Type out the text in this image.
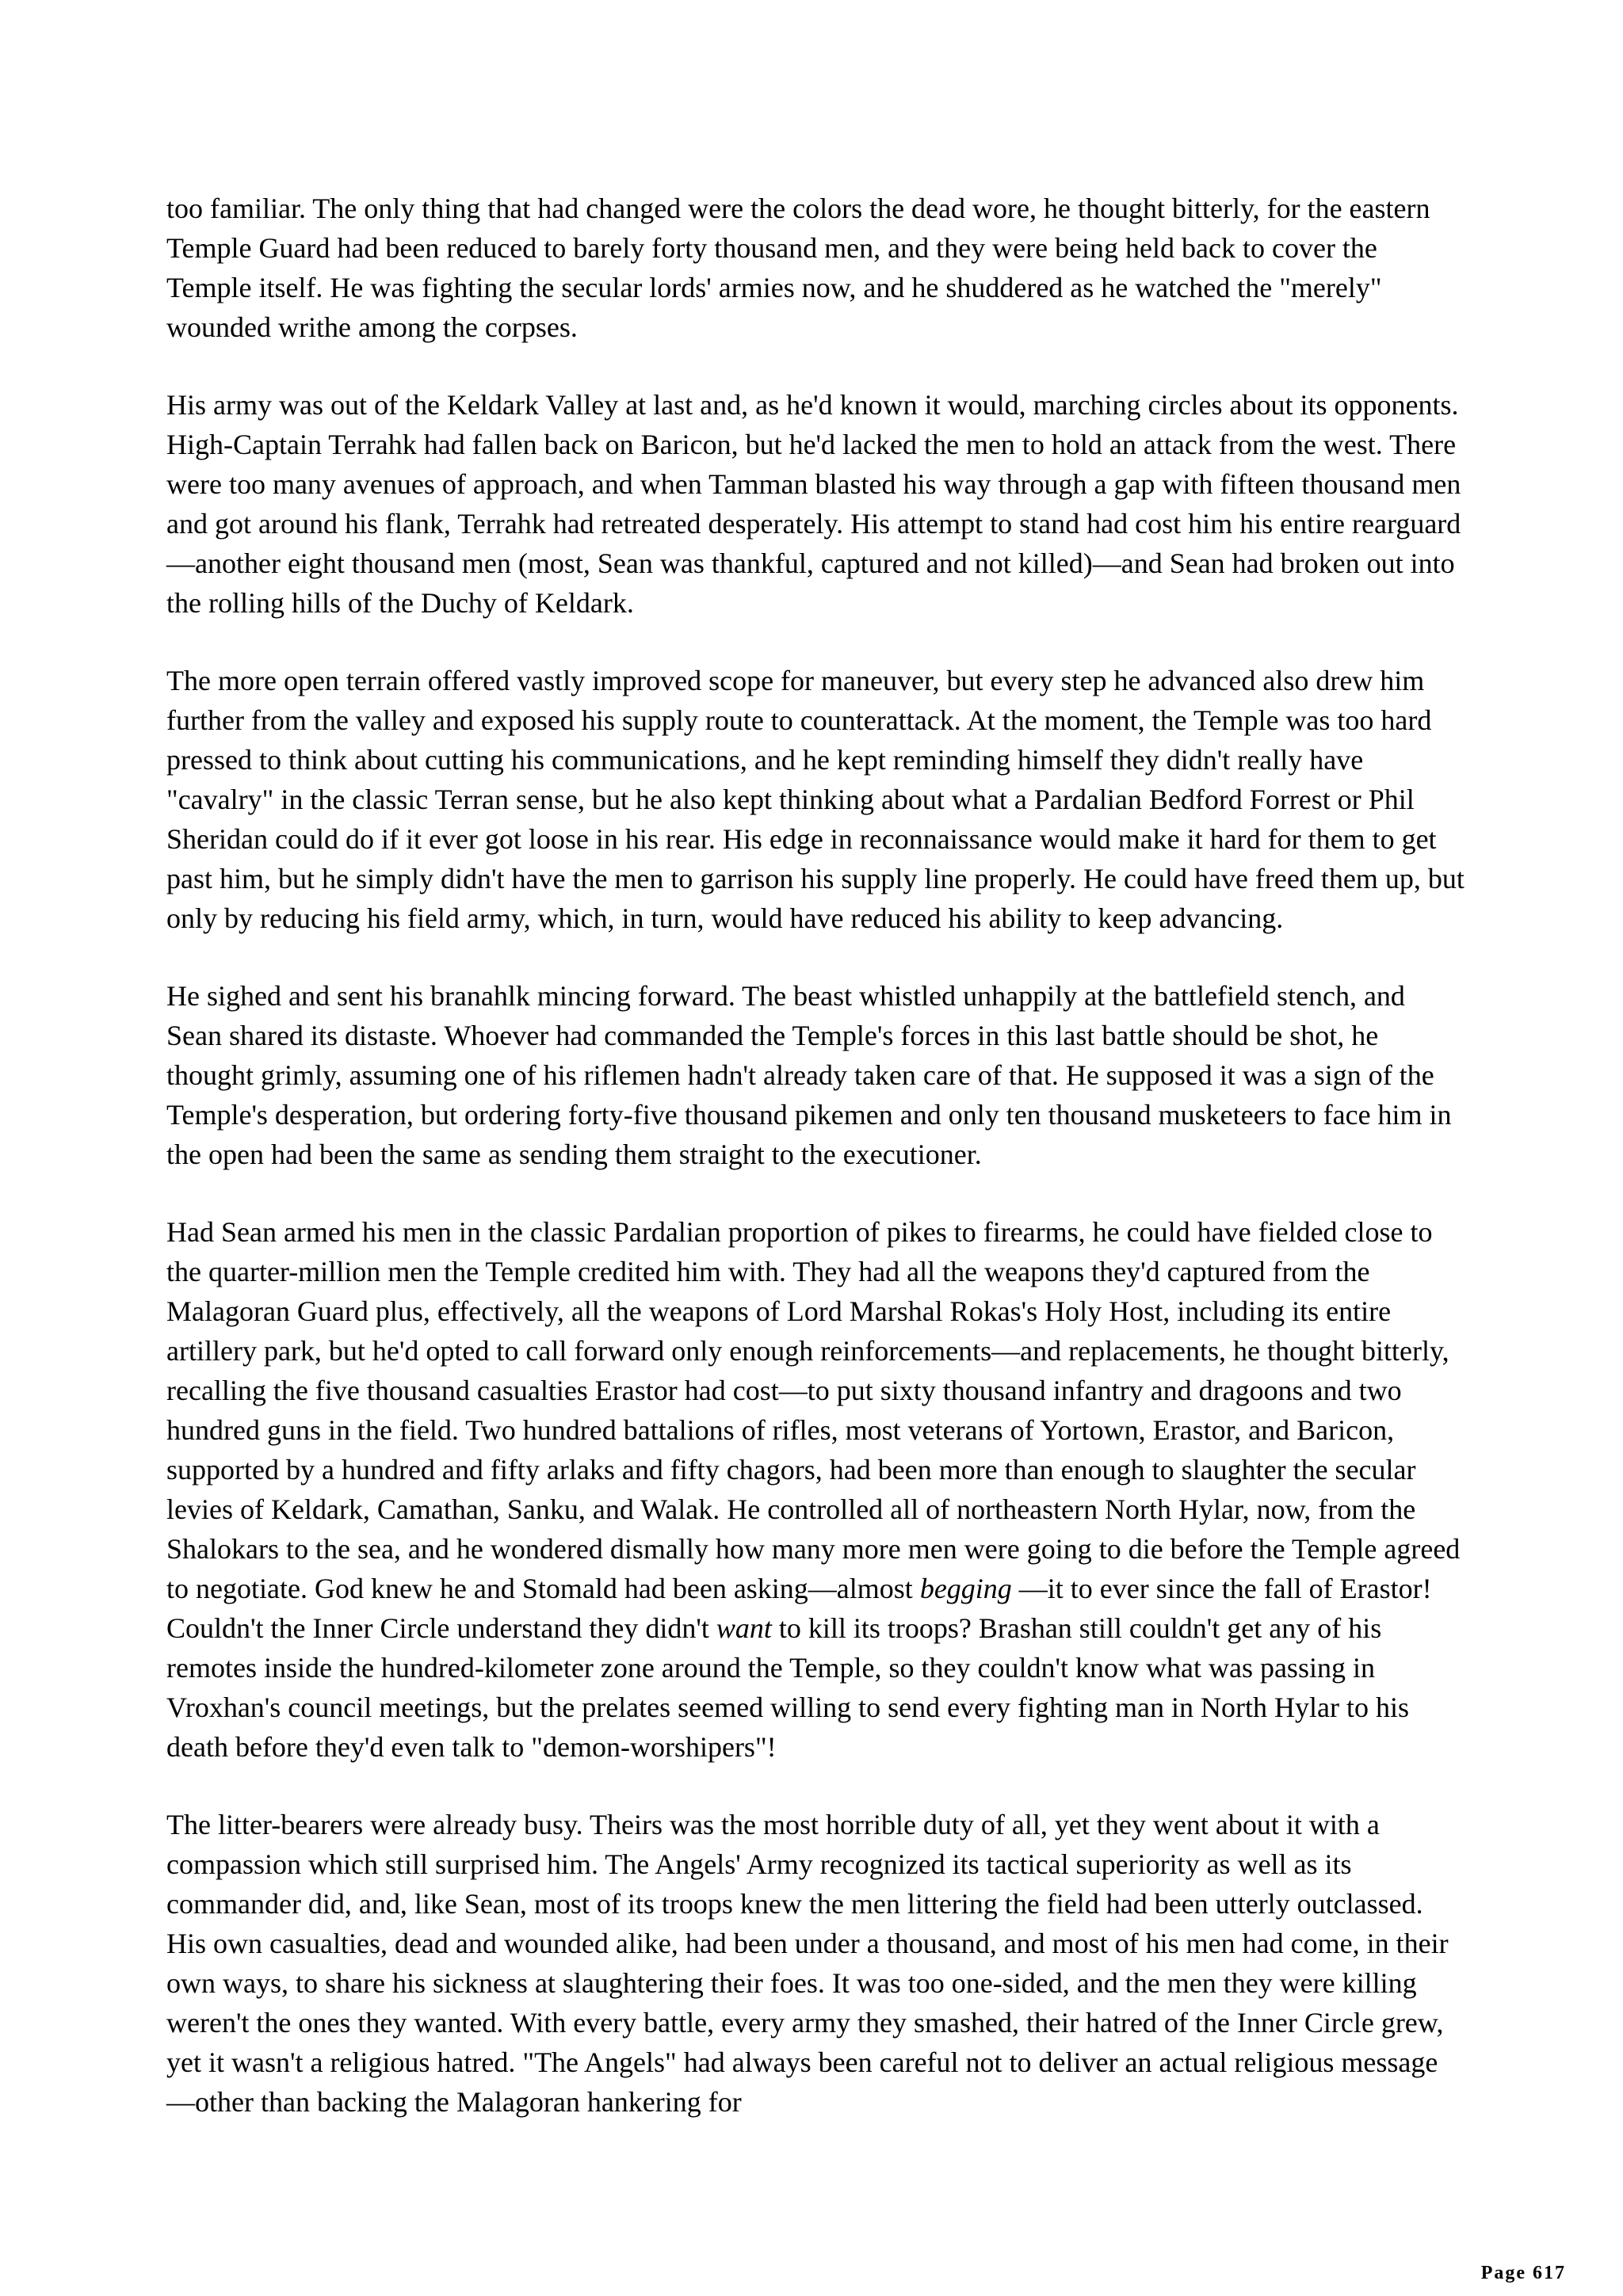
too familiar. The only thing that had changed were the colors the dead wore, he thought bitterly, for the eastern Temple Guard had been reduced to barely forty thousand men, and they were being held back to cover the Temple itself. He was fighting the secular lords' armies now, and he shuddered as he watched the "merely" wounded writhe among the corpses.

His army was out of the Keldark Valley at last and, as he'd known it would, marching circles about its opponents. High-Captain Terrahk had fallen back on Baricon, but he'd lacked the men to hold an attack from the west. There were too many avenues of approach, and when Tamman blasted his way through a gap with fifteen thousand men and got around his flank, Terrahk had retreated desperately. His attempt to stand had cost him his entire rearguard—another eight thousand men (most, Sean was thankful, captured and not killed)—and Sean had broken out into the rolling hills of the Duchy of Keldark.

The more open terrain offered vastly improved scope for maneuver, but every step he advanced also drew him further from the valley and exposed his supply route to counterattack. At the moment, the Temple was too hard pressed to think about cutting his communications, and he kept reminding himself they didn't really have "cavalry" in the classic Terran sense, but he also kept thinking about what a Pardalian Bedford Forrest or Phil Sheridan could do if it ever got loose in his rear. His edge in reconnaissance would make it hard for them to get past him, but he simply didn't have the men to garrison his supply line properly. He could have freed them up, but only by reducing his field army, which, in turn, would have reduced his ability to keep advancing.

He sighed and sent his branahlk mincing forward. The beast whistled unhappily at the battlefield stench, and Sean shared its distaste. Whoever had commanded the Temple's forces in this last battle should be shot, he thought grimly, assuming one of his riflemen hadn't already taken care of that. He supposed it was a sign of the Temple's desperation, but ordering forty-five thousand pikemen and only ten thousand musketeers to face him in the open had been the same as sending them straight to the executioner.

Had Sean armed his men in the classic Pardalian proportion of pikes to firearms, he could have fielded close to the quarter-million men the Temple credited him with. They had all the weapons they'd captured from the Malagoran Guard plus, effectively, all the weapons of Lord Marshal Rokas's Holy Host, including its entire artillery park, but he'd opted to call forward only enough reinforcements—and replacements, he thought bitterly, recalling the five thousand casualties Erastor had cost—to put sixty thousand infantry and dragoons and two hundred guns in the field. Two hundred battalions of rifles, most veterans of Yortown, Erastor, and Baricon, supported by a hundred and fifty arlaks and fifty chagors, had been more than enough to slaughter the secular levies of Keldark, Camathan, Sanku, and Walak. He controlled all of northeastern North Hylar, now, from the Shalokars to the sea, and he wondered dismally how many more men were going to die before the Temple agreed to negotiate. God knew he and Stomald had been asking—almost begging —it to ever since the fall of Erastor! Couldn't the Inner Circle understand they didn't want to kill its troops? Brashan still couldn't get any of his remotes inside the hundred-kilometer zone around the Temple, so they couldn't know what was passing in Vroxhan's council meetings, but the prelates seemed willing to send every fighting man in North Hylar to his death before they'd even talk to "demon-worshipers"!

The litter-bearers were already busy. Theirs was the most horrible duty of all, yet they went about it with a compassion which still surprised him. The Angels' Army recognized its tactical superiority as well as its commander did, and, like Sean, most of its troops knew the men littering the field had been utterly outclassed. His own casualties, dead and wounded alike, had been under a thousand, and most of his men had come, in their own ways, to share his sickness at slaughtering their foes. It was too one-sided, and the men they were killing weren't the ones they wanted. With every battle, every army they smashed, their hatred of the Inner Circle grew, yet it wasn't a religious hatred. "The Angels" had always been careful not to deliver an actual religious message—other than backing the Malagoran hankering for

Page 617
